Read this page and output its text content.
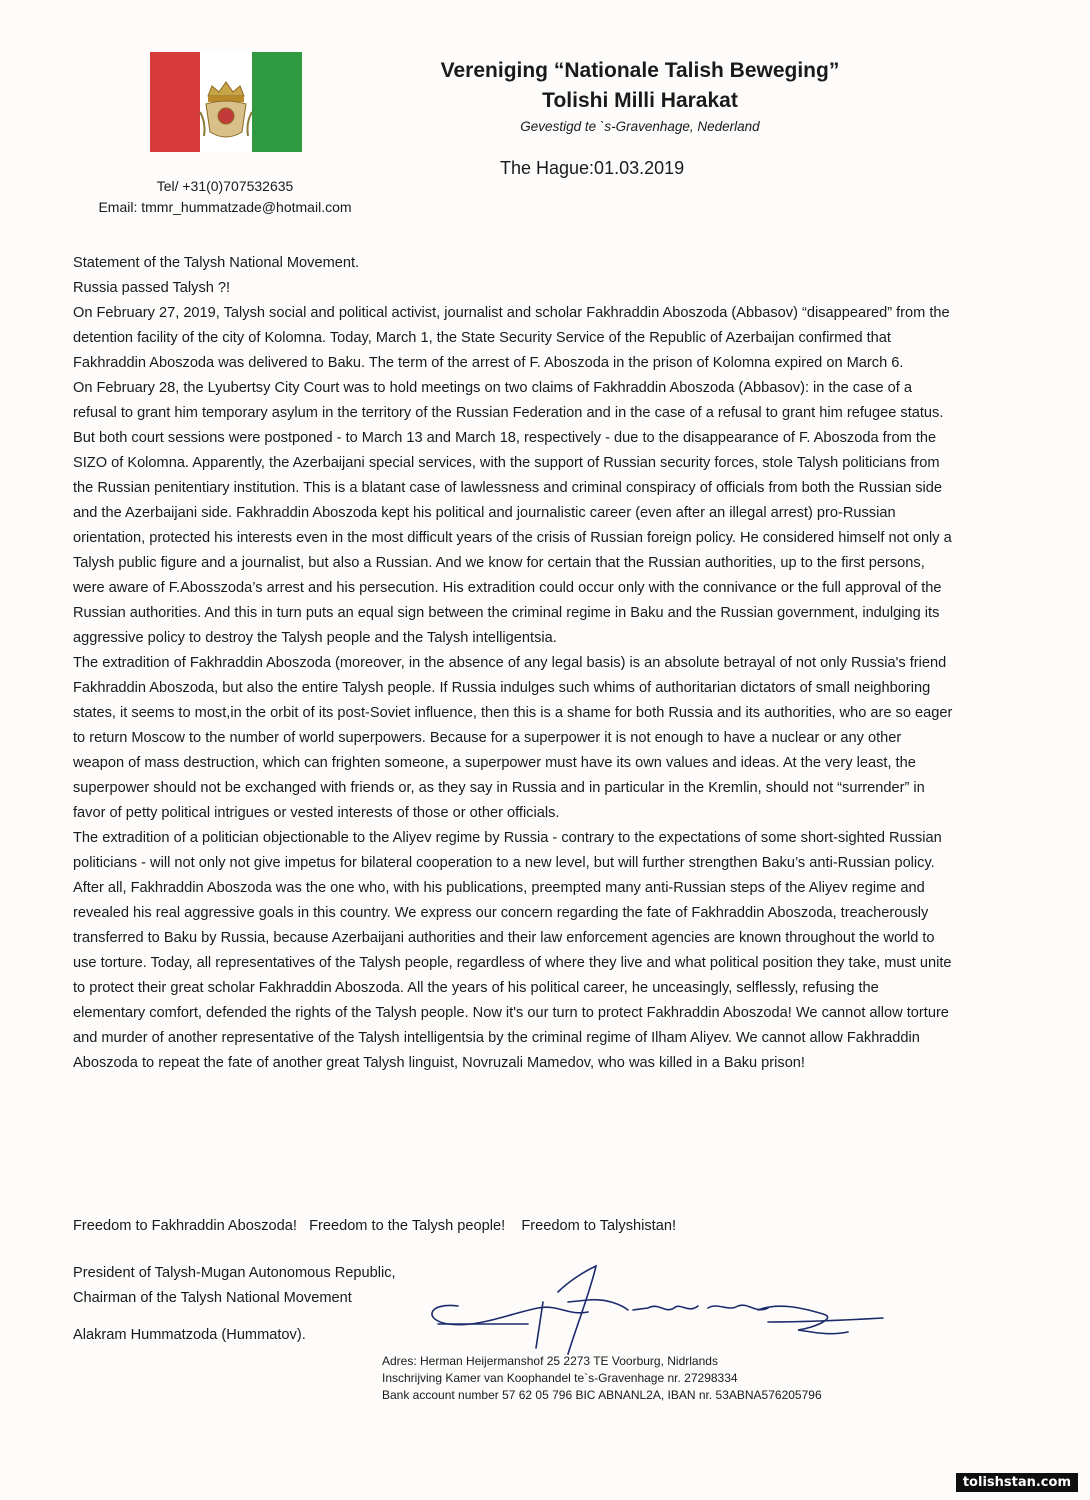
Tel/ +31(0)707532635
Email: tmmr_hummatzade@hotmail.com
Vereniging “Nationale Talish Beweging”
Tolishi Milli Harakat
Gevestigd te `s-Gravenhage, Nederland
The Hague:01.03.2019

Statement of the Talysh National Movement.

Russia passed Talysh ?!

On February 27, 2019, Talysh social and political activist, journalist and scholar Fakhraddin Aboszoda (Abbasov) “disappeared” from the detention facility of the city of Kolomna. Today, March 1, the State Security Service of the Republic of Azerbaijan confirmed that Fakhraddin Aboszoda was delivered to Baku. The term of the arrest of F. Aboszoda in the prison of Kolomna expired on March 6.

On February 28, the Lyubertsy City Court was to hold meetings on two claims of Fakhraddin Aboszoda (Abbasov): in the case of a refusal to grant him temporary asylum in the territory of the Russian Federation and in the case of a refusal to grant him refugee status. But both court sessions were postponed - to March 13 and March 18, respectively - due to the disappearance of F. Aboszoda from the SIZO of Kolomna. Apparently, the Azerbaijani special services, with the support of Russian security forces, stole Talysh politicians from the Russian penitentiary institution. This is a blatant case of lawlessness and criminal conspiracy of officials from both the Russian side and the Azerbaijani side. Fakhraddin Aboszoda kept his political and journalistic career (even after an illegal arrest) pro-Russian orientation, protected his interests even in the most difficult years of the crisis of Russian foreign policy. He considered himself not only a Talysh public figure and a journalist, but also a Russian. And we know for certain that the Russian authorities, up to the first persons, were aware of F.Abosszoda’s arrest and his persecution. His extradition could occur only with the connivance or the full approval of the Russian authorities. And this in turn puts an equal sign between the criminal regime in Baku and the Russian government, indulging its aggressive policy to destroy the Talysh people and the Talysh intelligentsia.

The extradition of Fakhraddin Aboszoda (moreover, in the absence of any legal basis) is an absolute betrayal of not only Russia's friend Fakhraddin Aboszoda, but also the entire Talysh people. If Russia indulges such whims of authoritarian dictators of small neighboring states, it seems to most,in the orbit of its post-Soviet influence, then this is a shame for both Russia and its authorities, who are so eager to return Moscow to the number of world superpowers. Because for a superpower it is not enough to have a nuclear or any other weapon of mass destruction, which can frighten someone, a superpower must have its own values and ideas. At the very least, the superpower should not be exchanged with friends or, as they say in Russia and in particular in the Kremlin, should not “surrender” in favor of petty political intrigues or vested interests of those or other officials.

The extradition of a politician objectionable to the Aliyev regime by Russia - contrary to the expectations of some short-sighted Russian politicians - will not only not give impetus for bilateral cooperation to a new level, but will further strengthen Baku’s anti-Russian policy. After all, Fakhraddin Aboszoda was the one who, with his publications, preempted many anti-Russian steps of the Aliyev regime and revealed his real aggressive goals in this country. We express our concern regarding the fate of Fakhraddin Aboszoda, treacherously transferred to Baku by Russia, because Azerbaijani authorities and their law enforcement agencies are known throughout the world to use torture. Today, all representatives of the Talysh people, regardless of where they live and what political position they take, must unite to protect their great scholar Fakhraddin Aboszoda. All the years of his political career, he unceasingly, selflessly, refusing the elementary comfort, defended the rights of the Talysh people. Now it's our turn to protect Fakhraddin Aboszoda! We cannot allow torture and murder of another representative of the Talysh intelligentsia by the criminal regime of Ilham Aliyev. We cannot allow Fakhraddin Aboszoda to repeat the fate of another great Talysh linguist, Novruzali Mamedov, who was killed in a Baku prison!

Freedom to Fakhraddin Aboszoda!   Freedom to the Talysh people!    Freedom to Talyshistan!
President of Talysh-Mugan Autonomous Republic,
Chairman of the Talysh National Movement
Alakram Hummatzoda (Hummatov).
Adres: Herman Heijermanshof 25 2273 TE Voorburg, Nidrlands
Inschrijving Kamer van Koophandel te`s-Gravenhage nr. 27298334
Bank account number 57 62 05 796 BIC ABNANL2A, IBAN nr. 53ABNA576205796
tolishstan.com
